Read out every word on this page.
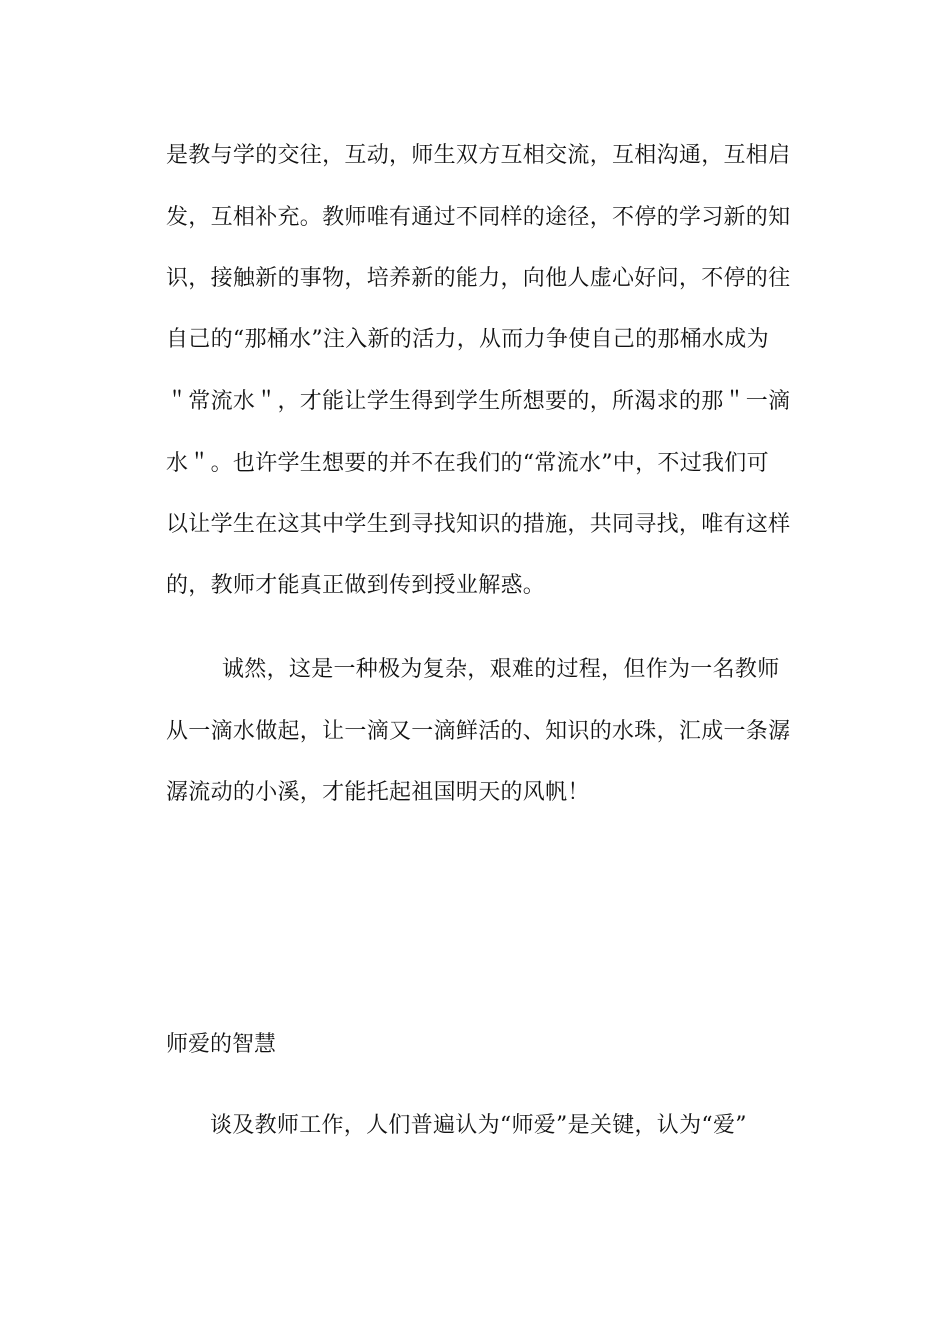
是教与学的交往，互动，师生双方互相交流，互相沟通，互相启
发，互相补充。教师唯有通过不同样的途径，不停的学习新的知
识，接触新的事物，培养新的能力，向他人虚心好问，不停的往
自己的“那桶水”注入新的活力，从而力争使自己的那桶水成为
＂常流水＂，才能让学生得到学生所想要的，所渴求的那＂一滴
水＂。也许学生想要的并不在我们的“常流水”中，不过我们可
以让学生在这其中学生到寻找知识的措施，共同寻找，唯有这样
的，教师才能真正做到传到授业解惑。
诚然，这是一种极为复杂，艰难的过程，但作为一名教师
从一滴水做起，让一滴又一滴鲜活的、知识的水珠，汇成一条潺
潺流动的小溪，才能托起祖国明天的风帆！
师爱的智慧
谈及教师工作，人们普遍认为“师爱”是关键，认为“爱”
